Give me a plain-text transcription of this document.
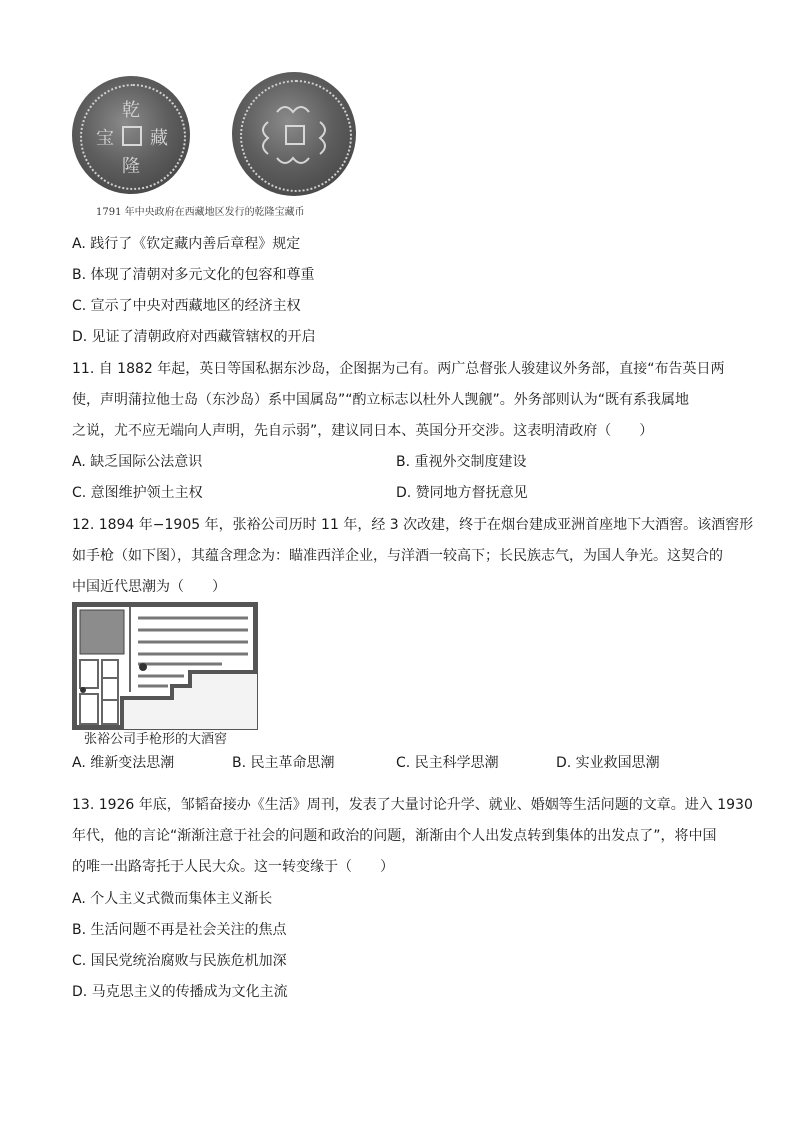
乾
隆
宝 藏
1791 年中央政府在西藏地区发行的乾隆宝藏币
A. 践行了《钦定藏内善后章程》规定
B. 体现了清朝对多元文化的包容和尊重
C. 宣示了中央对西藏地区的经济主权
D. 见证了清朝政府对西藏管辖权的开启
11. 自 1882 年起，英日等国私据东沙岛，企图据为己有。两广总督张人骏建议外务部，直接“布告英日两
使，声明蒲拉他士岛（东沙岛）系中国属岛”“酌立标志以杜外人觊觎”。外务部则认为“既有系我属地
之说，尤不应无端向人声明，先自示弱”，建议同日本、英国分开交涉。这表明清政府（　　）
A. 缺乏国际公法意识	B. 重视外交制度建设
C. 意图维护领土主权	D. 赞同地方督抚意见
12. 1894 年−1905 年，张裕公司历时 11 年，经 3 次改建，终于在烟台建成亚洲首座地下大酒窖。该酒窖形
如手枪（如下图），其蕴含理念为：瞄准西洋企业，与洋酒一较高下；长民族志气，为国人争光。这契合的
中国近代思潮为（　　）
张裕公司手枪形的大酒窖
A. 维新变法思潮	B. 民主革命思潮	C. 民主科学思潮	D. 实业救国思潮
13. 1926 年底，邹韬奋接办《生活》周刊，发表了大量讨论升学、就业、婚姻等生活问题的文章。进入 1930
年代，他的言论“渐渐注意于社会的问题和政治的问题，渐渐由个人出发点转到集体的出发点了”，将中国
的唯一出路寄托于人民大众。这一转变缘于（　　）
A. 个人主义式微而集体主义渐长
B. 生活问题不再是社会关注的焦点
C. 国民党统治腐败与民族危机加深
D. 马克思主义的传播成为文化主流
